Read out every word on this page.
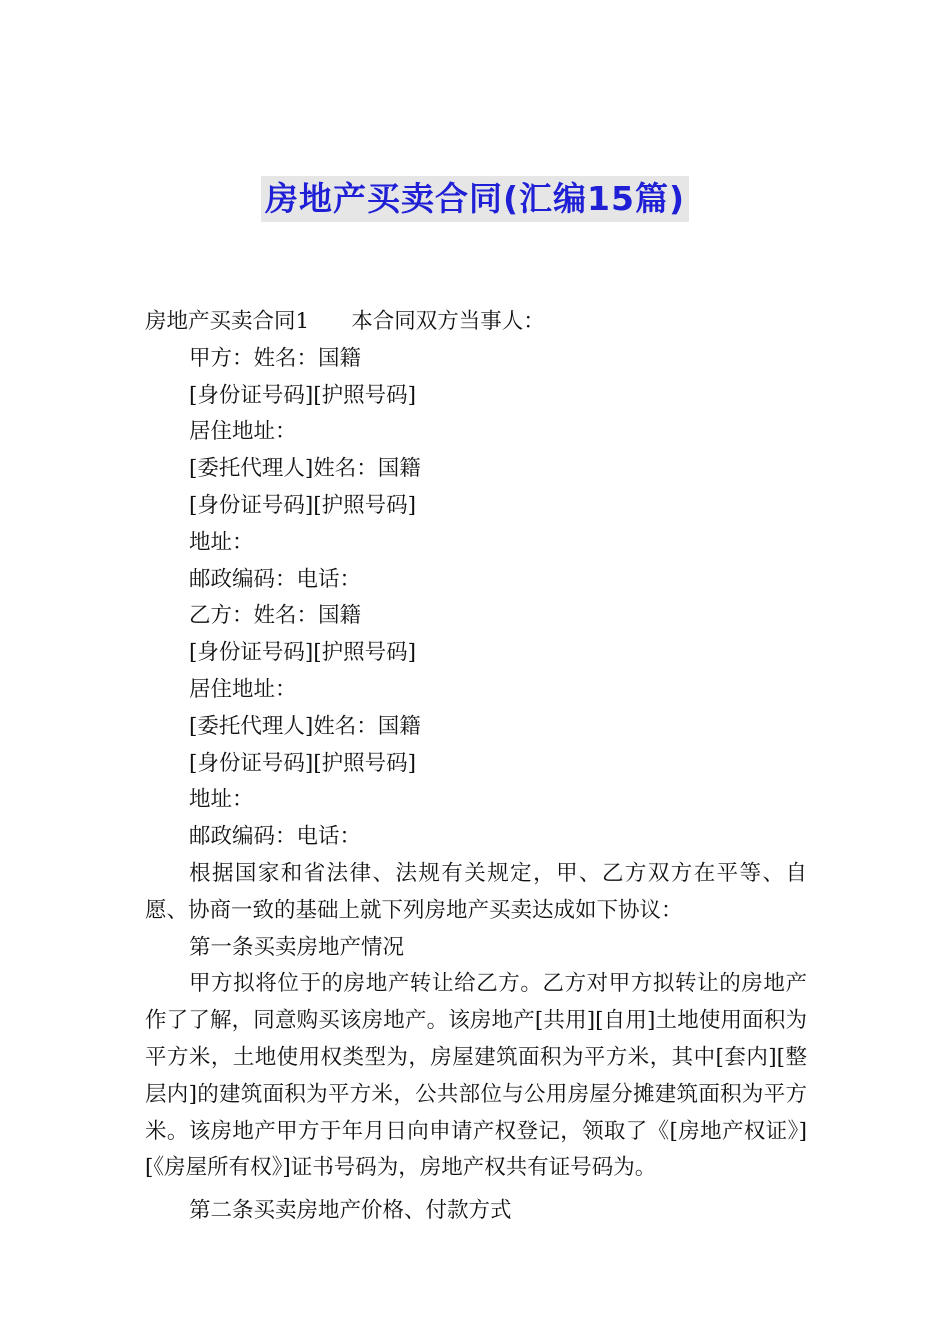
房地产买卖合同(汇编15篇)
房地产买卖合同1 本合同双方当事人：
甲方：姓名：国籍
[身份证号码][护照号码]
居住地址：
[委托代理人]姓名：国籍
[身份证号码][护照号码]
地址：
邮政编码：电话：
乙方：姓名：国籍
[身份证号码][护照号码]
居住地址：
[委托代理人]姓名：国籍
[身份证号码][护照号码]
地址：
邮政编码：电话：

根据国家和省法律、法规有关规定，甲、乙方双方在平等、自愿、协商一致的基础上就下列房地产买卖达成如下协议：

第一条买卖房地产情况

甲方拟将位于的房地产转让给乙方。乙方对甲方拟转让的房地产作了了解，同意购买该房地产。该房地产[共用][自用]土地使用面积为平方米，土地使用权类型为，房屋建筑面积为平方米，其中[套内][整层内]的建筑面积为平方米，公共部位与公用房屋分摊建筑面积为平方米。该房地产甲方于年月日向申请产权登记，领取了《[房地产权证》][《房屋所有权》]证书号码为，房地产权共有证号码为。

第二条买卖房地产价格、付款方式
